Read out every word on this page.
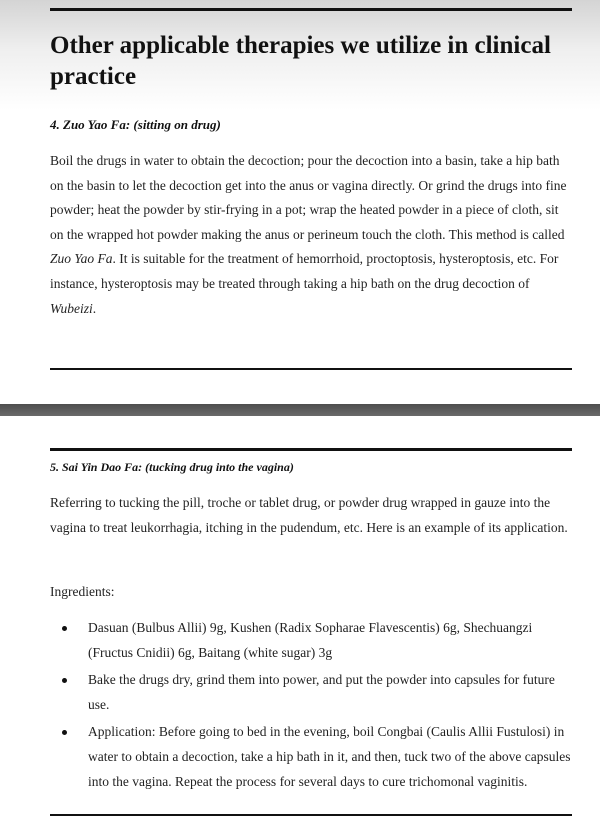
Other applicable therapies we utilize in clinical practice
4. Zuo Yao Fa: (sitting on drug)

Boil the drugs in water to obtain the decoction; pour the decoction into a basin, take a hip bath on the basin to let the decoction get into the anus or vagina directly. Or grind the drugs into fine powder; heat the powder by stir-frying in a pot; wrap the heated powder in a piece of cloth, sit on the wrapped hot powder making the anus or perineum touch the cloth. This method is called Zuo Yao Fa. It is suitable for the treatment of hemorrhoid, proctoptosis, hysteroptosis, etc. For instance, hysteroptosis may be treated through taking a hip bath on the drug decoction of Wubeizi.

5. Sai Yin Dao Fa: (tucking drug into the vagina)

Referring to tucking the pill, troche or tablet drug, or powder drug wrapped in gauze into the vagina to treat leukorrhagia, itching in the pudendum, etc. Here is an example of its application.

Ingredients:

Dasuan (Bulbus Allii) 9g, Kushen (Radix Sopharae Flavescentis) 6g, Shechuangzi (Fructus Cnidii) 6g, Baitang (white sugar) 3g
Bake the drugs dry, grind them into power, and put the powder into capsules for future use.
Application: Before going to bed in the evening, boil Congbai (Caulis Allii Fustulosi) in water to obtain a decoction, take a hip bath in it, and then, tuck two of the above capsules into the vagina. Repeat the process for several days to cure trichomonal vaginitis.
